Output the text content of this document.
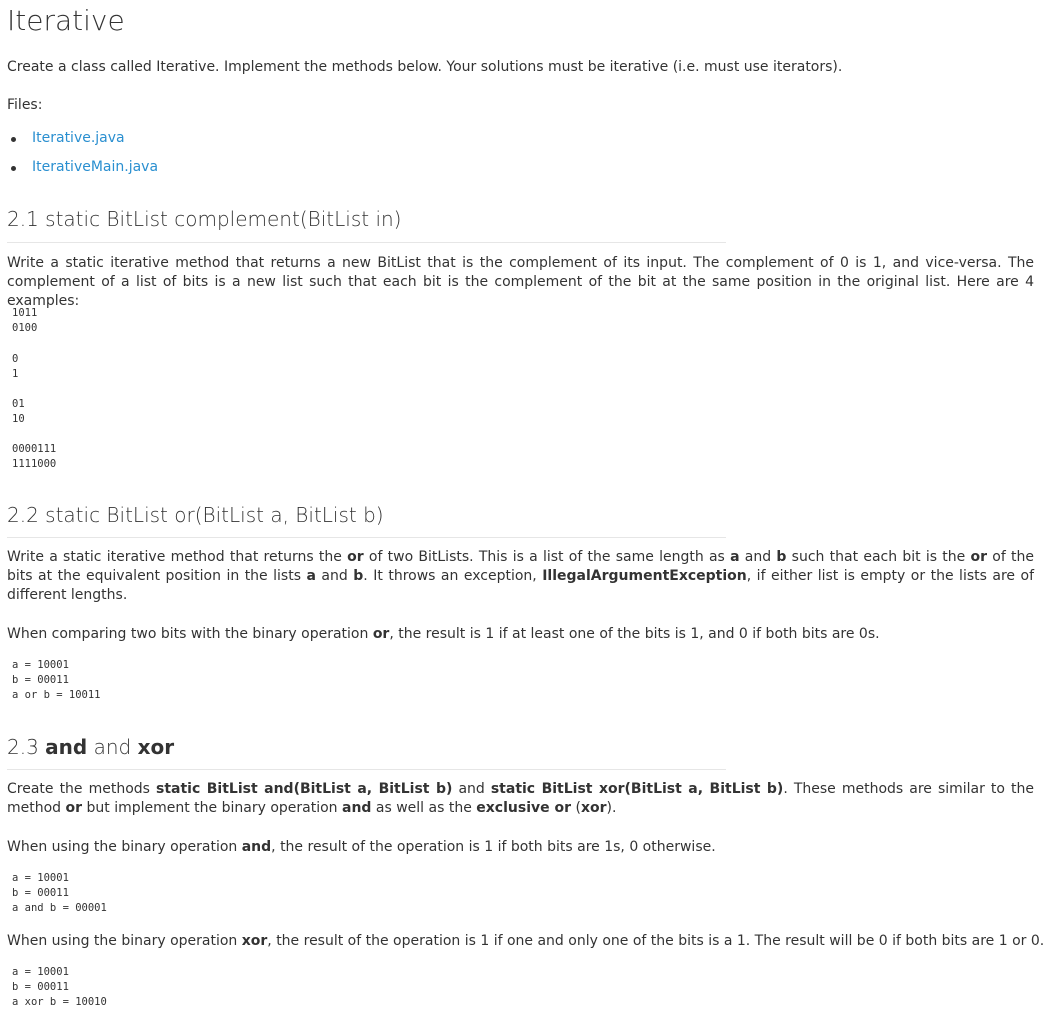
Iterative

Create a class called Iterative. Implement the methods below. Your solutions must be iterative (i.e. must use iterators).

Files:

Iterative.java
IterativeMain.java
2.1 static BitList complement(BitList in)

Write a static iterative method that returns a new BitList that is the complement of its input. The complement of 0 is 1, and vice-versa. The complement of a list of bits is a new list such that each bit is the complement of the bit at the same position in the original list. Here are 4 examples:

1011
0100
0
1
01
10
0000111
1111000
2.2 static BitList or(BitList a, BitList b)

Write a static iterative method that returns the or of two BitLists. This is a list of the same length as a and b such that each bit is the or of the bits at the equivalent position in the lists a and b. It throws an exception, IllegalArgumentException, if either list is empty or the lists are of different lengths.

When comparing two bits with the binary operation or, the result is 1 if at least one of the bits is 1, and 0 if both bits are 0s.

a = 10001
b = 00011
a or b = 10011
2.3 and and xor

Create the methods static BitList and(BitList a, BitList b) and static BitList xor(BitList a, BitList b). These methods are similar to the method or but implement the binary operation and as well as the exclusive or (xor).

When using the binary operation and, the result of the operation is 1 if both bits are 1s, 0 otherwise.

a = 10001
b = 00011
a and b = 00001

When using the binary operation xor, the result of the operation is 1 if one and only one of the bits is a 1. The result will be 0 if both bits are 1 or 0.

a = 10001
b = 00011
a xor b = 10010
